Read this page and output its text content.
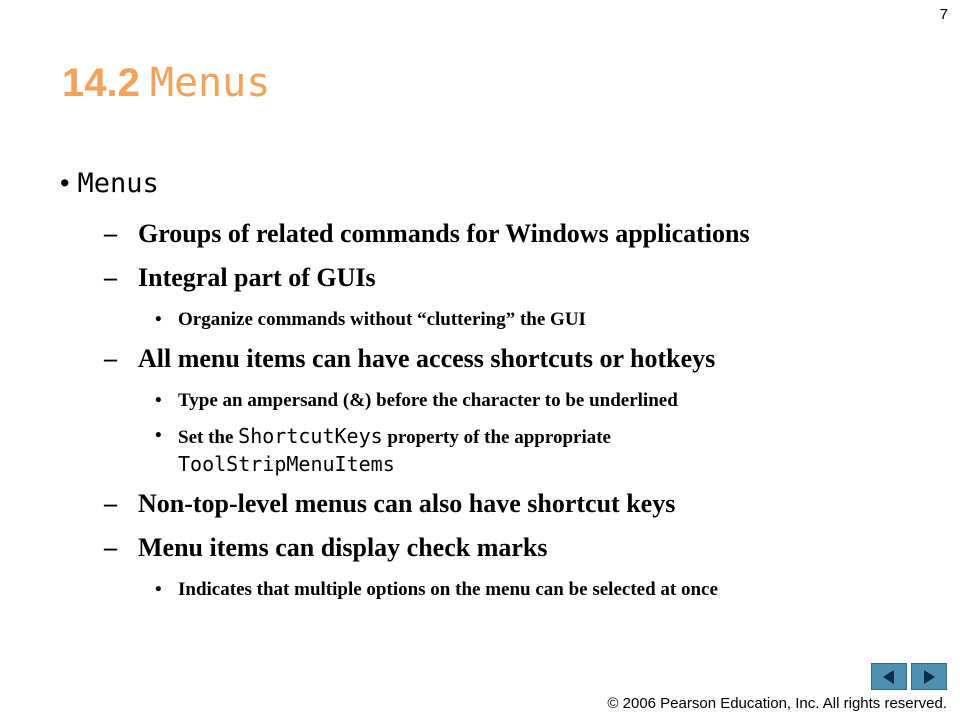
7
14.2 Menus
• Menus
– Groups of related commands for Windows applications
– Integral part of GUIs
• Organize commands without “cluttering” the GUI
– All menu items can have access shortcuts or hotkeys
• Type an ampersand (&) before the character to be underlined
• Set the ShortcutKeys property of the appropriate
ToolStripMenuItems
– Non-top-level menus can also have shortcut keys
– Menu items can display check marks
• Indicates that multiple options on the menu can be selected at once
© 2006 Pearson Education, Inc. All rights reserved.
